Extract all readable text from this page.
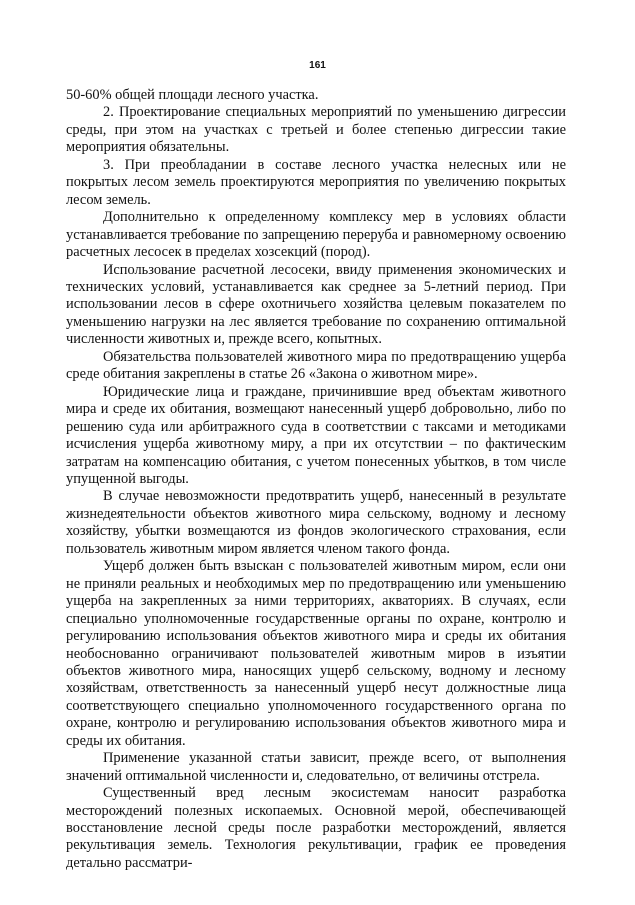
161

50-60% общей площади лесного участка.

2. Проектирование специальных мероприятий по уменьшению дигрессии среды, при этом на участках с третьей и более степенью дигрессии такие мероприятия обязательны.

3. При преобладании в составе лесного участка нелесных или не покрытых лесом земель проектируются мероприятия по увеличению покрытых лесом земель.

Дополнительно к определенному комплексу мер в условиях области устанавливается требование по запрещению перерубa и равномерному освоению расчетных лесосек в пределах хозсекций (пород).

Использование расчетной лесосеки, ввиду применения экономических и технических условий, устанавливается как среднее за 5-летний период. При использовании лесов в сфере охотничьего хозяйства целевым показателем по уменьшению нагрузки на лес является требование по сохранению оптимальной численности животных и, прежде всего, копытных.

Обязательства пользователей животного мира по предотвращению ущерба среде обитания закреплены в статье 26 «Закона о животном мире».

Юридические лица и граждане, причинившие вред объектам животного мира и среде их обитания, возмещают нанесенный ущерб добровольно, либо по решению суда или арбитражного суда в соответствии с таксами и методиками исчисления ущерба животному миру, а при их отсутствии – по фактическим затратам на компенсацию обитания, с учетом понесенных убытков, в том числе упущенной выгоды.

В случае невозможности предотвратить ущерб, нанесенный в результате жизнедеятельности объектов животного мира сельскому, водному и лесному хозяйству, убытки возмещаются из фондов экологического страхования, если пользователь животным миром является членом такого фонда.

Ущерб должен быть взыскан с пользователей животным миром, если они не приняли реальных и необходимых мер по предотвращению или уменьшению ущерба на закрепленных за ними территориях, акваториях. В случаях, если специально уполномоченные государственные органы по охране, контролю и регулированию использования объектов животного мира и среды их обитания необоснованно ограничивают пользователей животным миров в изъятии объектов животного мира, наносящих ущерб сельскому, водному и лесному хозяйствам, ответственность за нанесенный ущерб несут должностные лица соответствующего специально уполномоченного государственного органа по охране, контролю и регулированию использования объектов животного мира и среды их обитания.

Применение указанной статьи зависит, прежде всего, от выполнения значений оптимальной численности и, следовательно, от величины отстрела.

Существенный вред лесным экосистемам наносит разработка месторождений полезных ископаемых. Основной мерой, обеспечивающей восстановление лесной среды после разработки месторождений, является рекультивация земель. Технология рекультивации, график ее проведения детально рассматри-
